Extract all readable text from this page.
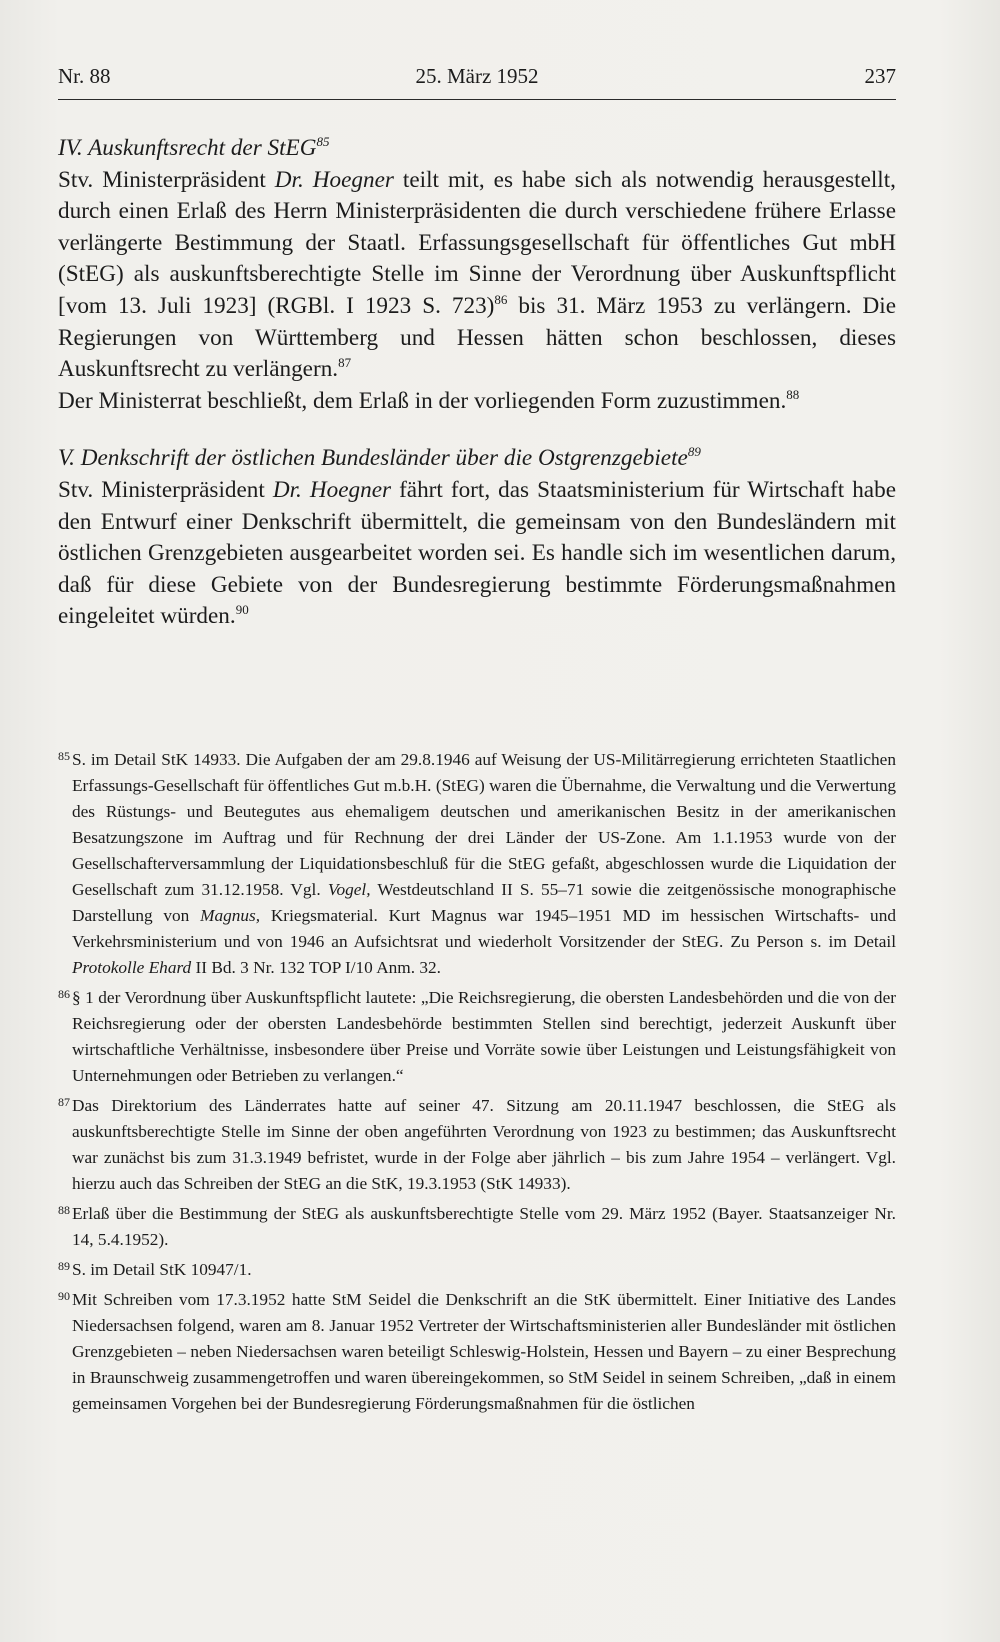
Nr. 88	25. März 1952	237

IV. Auskunftsrecht der StEG$^{85}$

Stv. Ministerpräsident Dr. Hoegner teilt mit, es habe sich als notwendig herausgestellt, durch einen Erlaß des Herrn Ministerpräsidenten die durch verschiedene frühere Erlasse verlängerte Bestimmung der Staatl. Erfassungsgesellschaft für öffentliches Gut mbH (StEG) als auskunftsberechtigte Stelle im Sinne der Verordnung über Auskunftspflicht [vom 13. Juli 1923] (RGBl. I 1923 S. 723)$^{86}$ bis 31. März 1953 zu verlängern. Die Regierungen von Württemberg und Hessen hätten schon beschlossen, dieses Auskunftsrecht zu verlängern.$^{87}$

Der Ministerrat beschließt, dem Erlaß in der vorliegenden Form zuzustimmen.$^{88}$

V. Denkschrift der östlichen Bundesländer über die Ostgrenzgebiete$^{89}$

Stv. Ministerpräsident Dr. Hoegner fährt fort, das Staatsministerium für Wirtschaft habe den Entwurf einer Denkschrift übermittelt, die gemeinsam von den Bundesländern mit östlichen Grenzgebieten ausgearbeitet worden sei. Es handle sich im wesentlichen darum, daß für diese Gebiete von der Bundesregierung bestimmte Förderungsmaßnahmen eingeleitet würden.$^{90}$

85 S. im Detail StK 14933. Die Aufgaben der am 29.8.1946 auf Weisung der US-Militärregierung errichteten Staatlichen Erfassungs-Gesellschaft für öffentliches Gut m.b.H. (StEG) waren die Übernahme, die Verwaltung und die Verwertung des Rüstungs- und Beutegutes aus ehemaligem deutschen und amerikanischen Besitz in der amerikanischen Besatzungszone im Auftrag und für Rechnung der drei Länder der US-Zone. Am 1.1.1953 wurde von der Gesellschafterversammlung der Liquidationsbeschluß für die StEG gefaßt, abgeschlossen wurde die Liquidation der Gesellschaft zum 31.12.1958. Vgl. Vogel, Westdeutschland II S. 55–71 sowie die zeitgenössische monographische Darstellung von Magnus, Kriegsmaterial. Kurt Magnus war 1945–1951 MD im hessischen Wirtschafts- und Verkehrsministerium und von 1946 an Aufsichtsrat und wiederholt Vorsitzender der StEG. Zu Person s. im Detail Protokolle Ehard II Bd. 3 Nr. 132 TOP I/10 Anm. 32.

86 § 1 der Verordnung über Auskunftspflicht lautete: „Die Reichsregierung, die obersten Landesbehörden und die von der Reichsregierung oder der obersten Landesbehörde bestimmten Stellen sind berechtigt, jederzeit Auskunft über wirtschaftliche Verhältnisse, insbesondere über Preise und Vorräte sowie über Leistungen und Leistungsfähigkeit von Unternehmungen oder Betrieben zu verlangen.“

87 Das Direktorium des Länderrates hatte auf seiner 47. Sitzung am 20.11.1947 beschlossen, die StEG als auskunftsberechtigte Stelle im Sinne der oben angeführten Verordnung von 1923 zu bestimmen; das Auskunftsrecht war zunächst bis zum 31.3.1949 befristet, wurde in der Folge aber jährlich – bis zum Jahre 1954 – verlängert. Vgl. hierzu auch das Schreiben der StEG an die StK, 19.3.1953 (StK 14933).

88 Erlaß über die Bestimmung der StEG als auskunftsberechtigte Stelle vom 29. März 1952 (Bayer. Staatsanzeiger Nr. 14, 5.4.1952).

89 S. im Detail StK 10947/1.

90 Mit Schreiben vom 17.3.1952 hatte StM Seidel die Denkschrift an die StK übermittelt. Einer Initiative des Landes Niedersachsen folgend, waren am 8. Januar 1952 Vertreter der Wirtschaftsministerien aller Bundesländer mit östlichen Grenzgebieten – neben Niedersachsen waren beteiligt Schleswig-Holstein, Hessen und Bayern – zu einer Besprechung in Braunschweig zusammengetroffen und waren übereingekommen, so StM Seidel in seinem Schreiben, „daß in einem gemeinsamen Vorgehen bei der Bundesregierung Förderungsmaßnahmen für die östlichen
